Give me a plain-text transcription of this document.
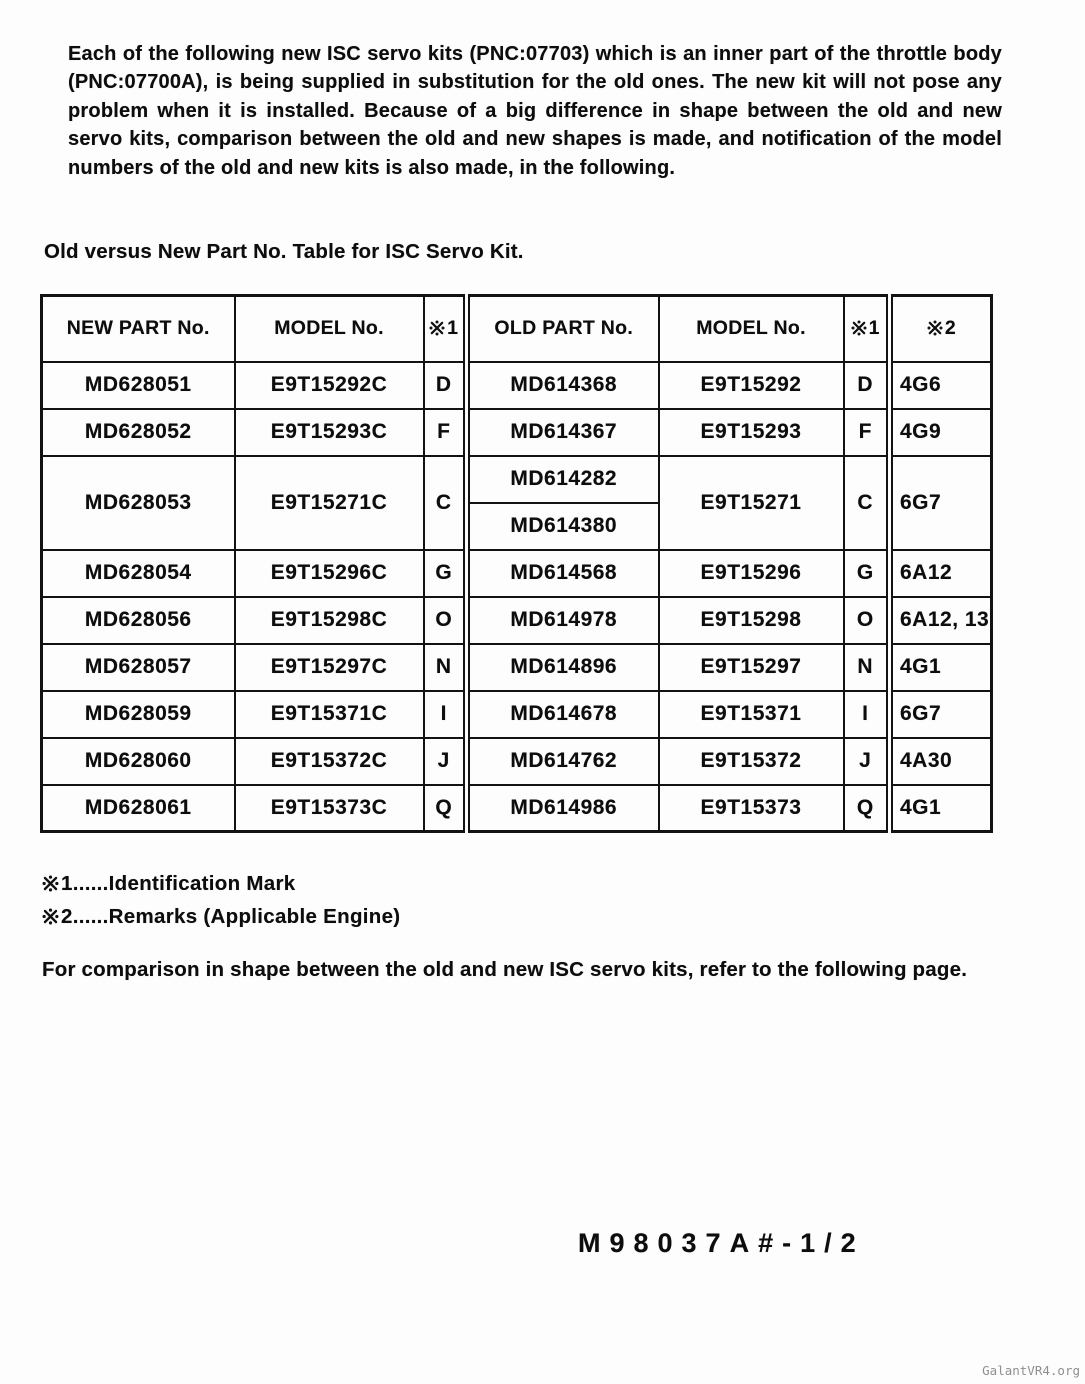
Each of the following new ISC servo kits (PNC:07703) which is an inner part of the throttle body (PNC:07700A), is being supplied in substitution for the old ones. The new kit will not pose any problem when it is installed. Because of a big difference in shape between the old and new servo kits, comparison between the old and new shapes is made, and notification of the model numbers of the old and new kits is also made, in the following.

Old versus New Part No. Table for ISC Servo Kit.
NEW PART No.	MODEL No.	1	OLD PART No.	MODEL No.	1	2
MD628051	E9T15292C	D	MD614368	E9T15292	D	4G6
MD628052	E9T15293C	F	MD614367	E9T15293	F	4G9
MD628053	E9T15271C	C	MD614282	E9T15271	C	6G7
			MD614380			
MD628054	E9T15296C	G	MD614568	E9T15296	G	6A12
MD628056	E9T15298C	O	MD614978	E9T15298	O	6A12, 13
MD628057	E9T15297C	N	MD614896	E9T15297	N	4G1
MD628059	E9T15371C	I	MD614678	E9T15371	I	6G7
MD628060	E9T15372C	J	MD614762	E9T15372	J	4A30
MD628061	E9T15373C	Q	MD614986	E9T15373	Q	4G1

1......Identification Mark

2......Remarks (Applicable Engine)

For comparison in shape between the old and new ISC servo kits, refer to the following page.

M98037A#-1/2
GalantVR4.org
